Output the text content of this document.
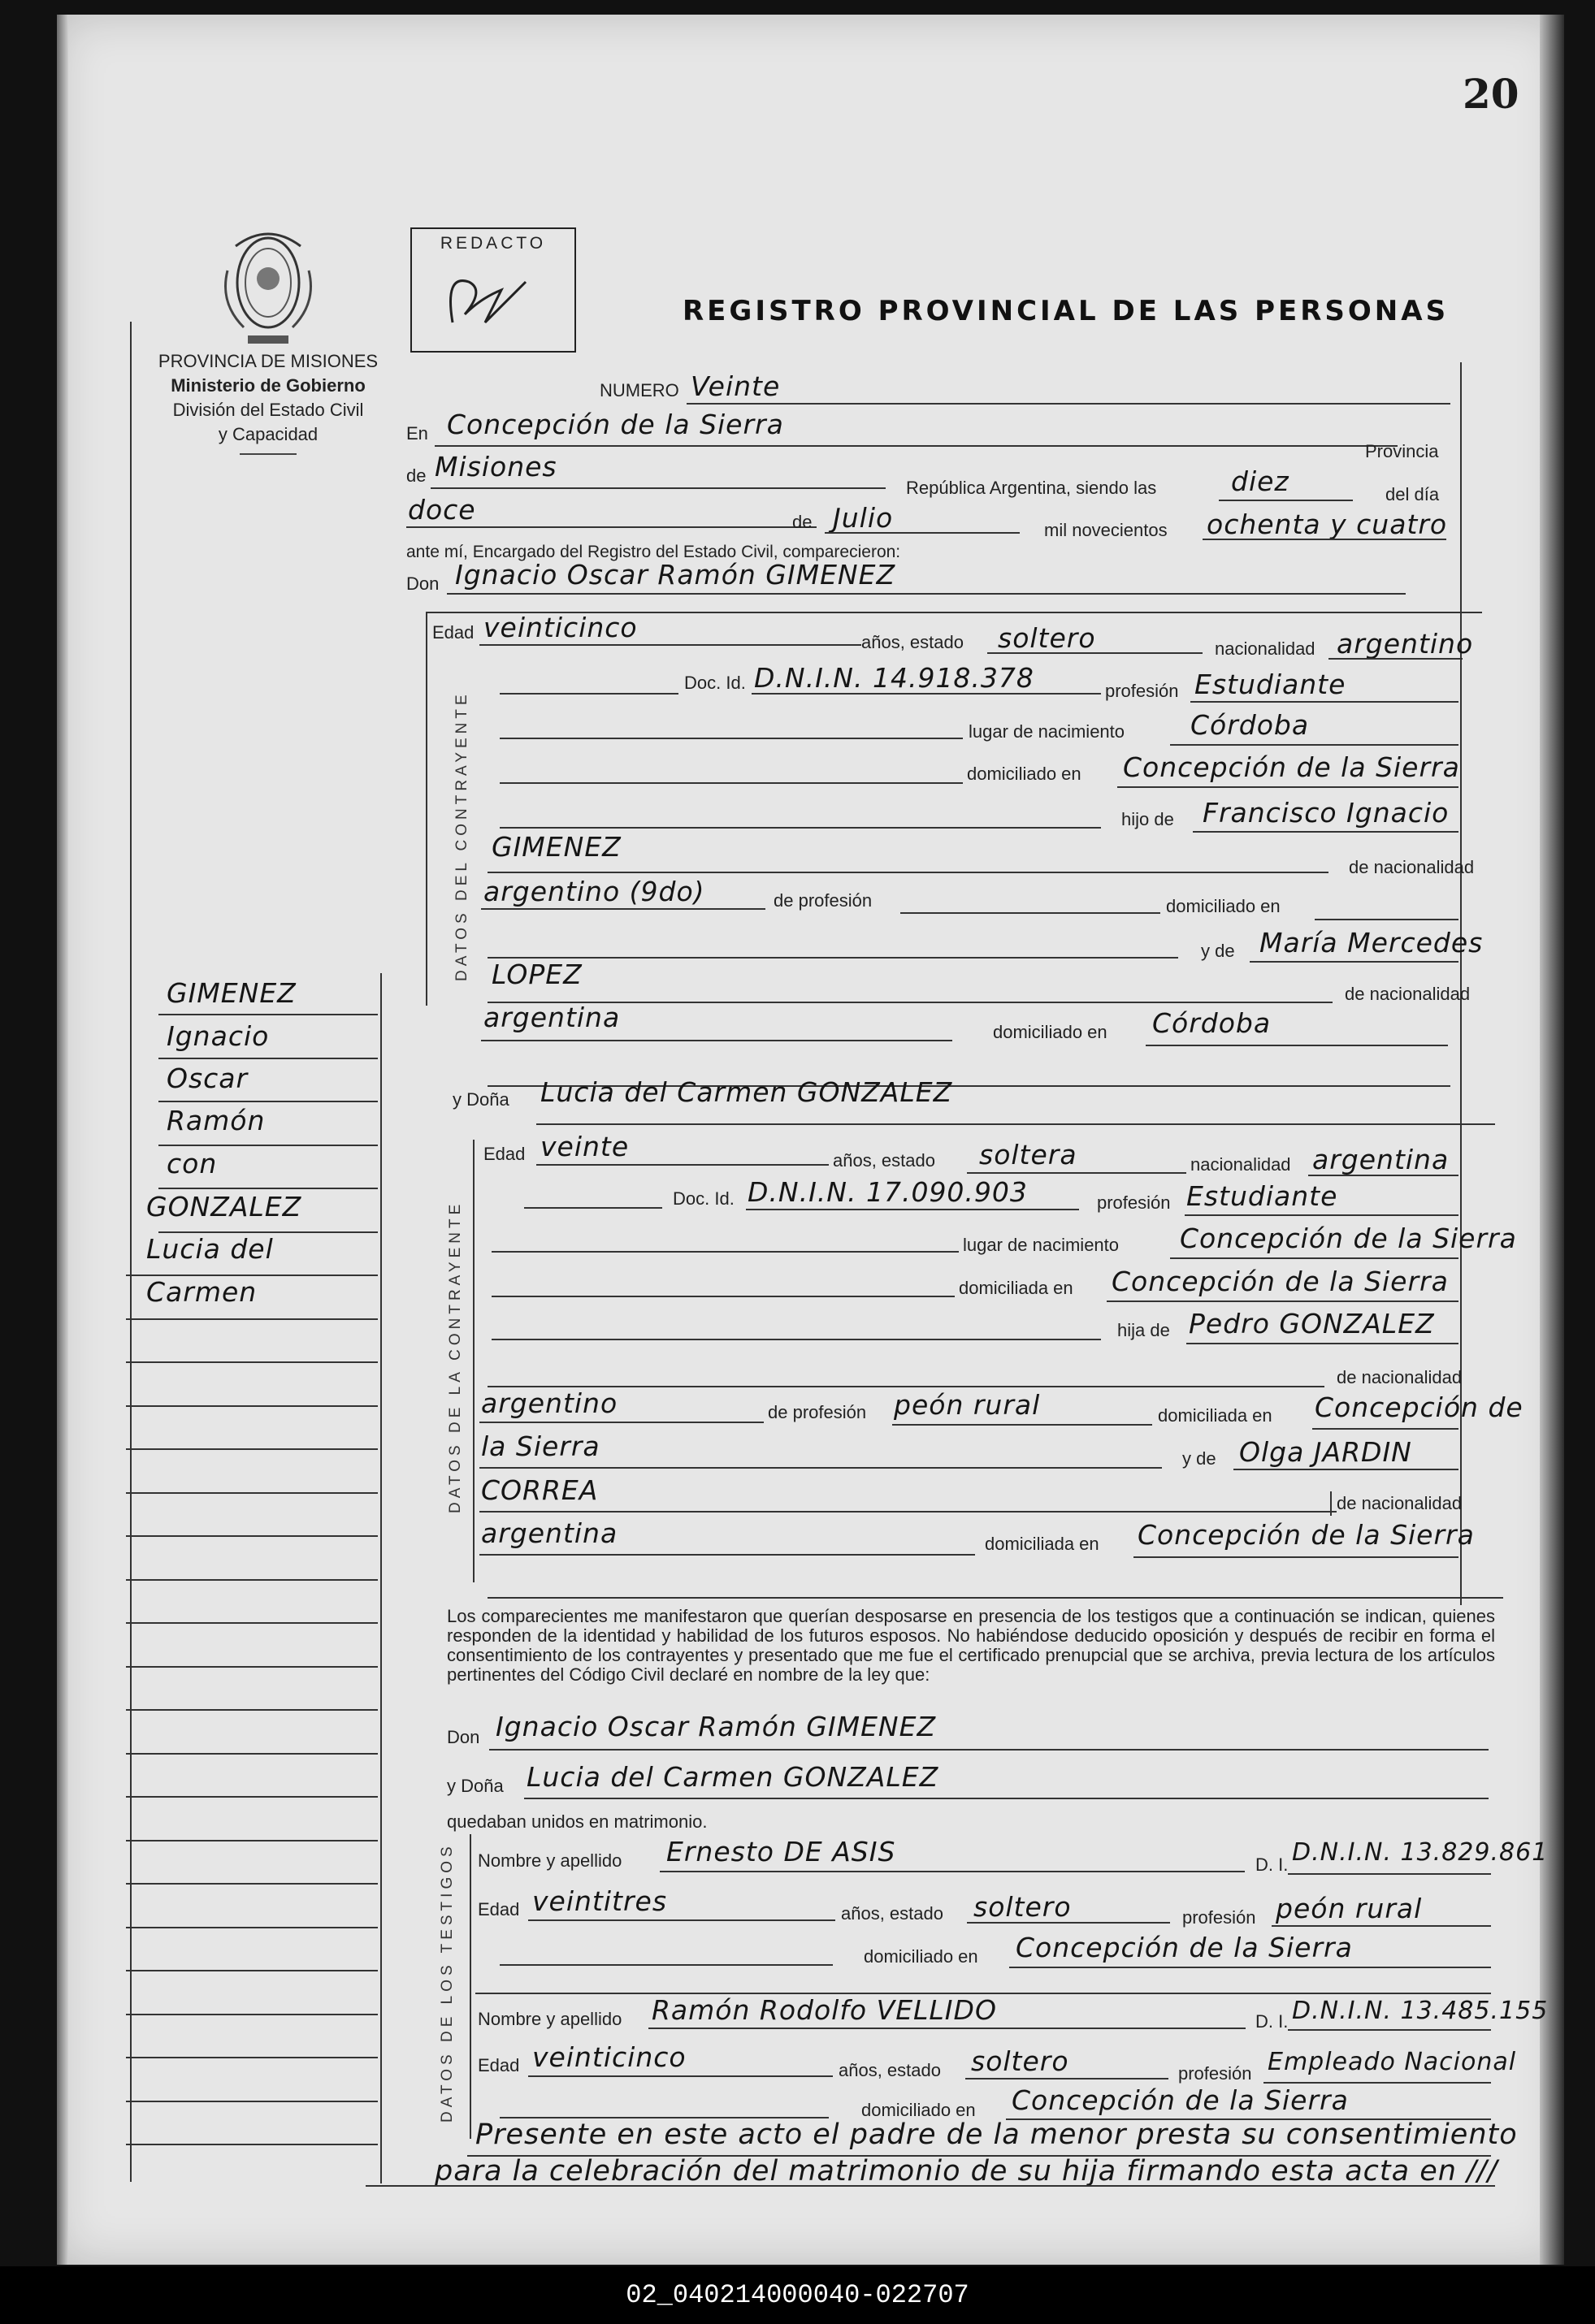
20
PROVINCIA DE MISIONES
Ministerio de Gobierno
División del Estado Civil
y Capacidad
REDACTO
REGISTRO PROVINCIAL DE LAS PERSONAS
GIMENEZ
Ignacio
Oscar
Ramón
con
GONZALEZ
Lucia del
Carmen
NUMERO Veinte
En Concepción de la Sierra
Provincia
de Misiones
República Argentina, siendo las	diez	del día
doce	de Julio	mil novecientos ochenta y cuatro
ante mí, Encargado del Registro del Estado Civil, comparecieron:
Don Ignacio Oscar Ramón GIMENEZ
DATOS DEL CONTRAYENTE
Edad veinticinco	años, estado soltero	nacionalidad argentino
Doc. Id. D.N.I.N. 14.918.378	profesión Estudiante
lugar de nacimiento Córdoba
domiciliado en Concepción de la Sierra
hijo de Francisco Ignacio
GIMENEZ
de nacionalidad
argentino (9do)	de profesión	domiciliado en
y de María Mercedes
LOPEZ
de nacionalidad
argentina	domiciliado en Córdoba
y Doña Lucia del Carmen GONZALEZ
DATOS DE LA CONTRAYENTE
Edad veinte	años, estado soltera	nacionalidad argentina
Doc. Id. D.N.I.N. 17.090.903	profesión Estudiante
lugar de nacimiento Concepción de la Sierra
domiciliada en Concepción de la Sierra
hija de Pedro GONZALEZ
de nacionalidad
argentino	de profesión peón rural	domiciliada en Concepción de
la Sierra	y de Olga JARDIN
CORREA	de nacionalidad
argentina	domiciliada en Concepción de la Sierra
Los comparecientes me manifestaron que querían desposarse en presencia de los testigos que a continuación se indican, quienes responden de la identidad y habilidad de los futuros esposos. No habiéndose deducido oposición y después de recibir en forma el consentimiento de los contrayentes y presentado que me fue el certificado prenupcial que se archiva, previa lectura de los artículos pertinentes del Código Civil declaré en nombre de la ley que:
Don Ignacio Oscar Ramón GIMENEZ
y Doña Lucia del Carmen GONZALEZ
quedaban unidos en matrimonio.
DATOS DE LOS TESTIGOS Nombre y apellido Ernesto DE ASIS	D. I. D.N.I.N. 13.829.861
Edad veintitres	años, estado soltero	profesión peón rural
domiciliado en Concepción de la Sierra
Nombre y apellido Ramón Rodolfo VELLIDO	D. I. D.N.I.N. 13.485.155
Edad veinticinco	años, estado soltero	profesión Empleado Nacional
domiciliado en Concepción de la Sierra
Presente en este acto el padre de la menor presta su consentimiento
para la celebración del matrimonio de su hija firmando esta acta en ///
02_040214000040-022707
